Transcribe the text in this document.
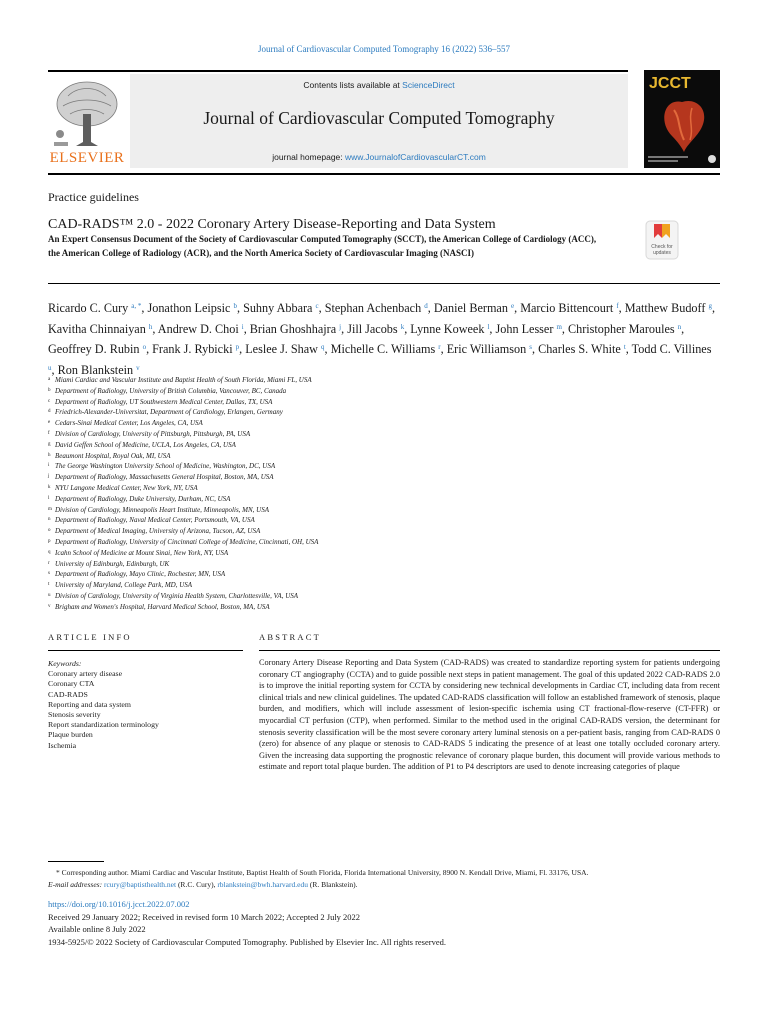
Journal of Cardiovascular Computed Tomography 16 (2022) 536–557
ELSEVIER
Contents lists available at ScienceDirect
Journal of Cardiovascular Computed Tomography
journal homepage: www.JournalofCardiovascularCT.com
JCCT
Practice guidelines
CAD-RADS™ 2.0 - 2022 Coronary Artery Disease-Reporting and Data System
An Expert Consensus Document of the Society of Cardiovascular Computed Tomography (SCCT), the American College of Cardiology (ACC), the American College of Radiology (ACR), and the North America Society of Cardiovascular Imaging (NASCI)
Check for
updates
Ricardo C. Cury $^{a, *}$, Jonathon Leipsic $^b$, Suhny Abbara $^c$, Stephan Achenbach $^d$, Daniel Berman $^e$, Marcio Bittencourt $^f$, Matthew Budoff $^g$, Kavitha Chinnaiyan $^h$, Andrew D. Choi $^i$, Brian Ghoshhajra $^j$, Jill Jacobs $^k$, Lynne Koweek $^l$, John Lesser $^m$, Christopher Maroules $^n$, Geoffrey D. Rubin $^o$, Frank J. Rybicki $^p$, Leslee J. Shaw $^q$, Michelle C. Williams $^r$, Eric Williamson $^s$, Charles S. White $^t$, Todd C. Villines $^u$, Ron Blankstein $^v$
a Miami Cardiac and Vascular Institute and Baptist Health of South Florida, Miami FL, USA
b Department of Radiology, University of British Columbia, Vancouver, BC, Canada
c Department of Radiology, UT Southwestern Medical Center, Dallas, TX, USA
d Friedrich-Alexander-Universitat, Department of Cardiology, Erlangen, Germany
e Cedars-Sinai Medical Center, Los Angeles, CA, USA
f Division of Cardiology, University of Pittsburgh, Pittsburgh, PA, USA
g David Geffen School of Medicine, UCLA, Los Angeles, CA, USA
h Beaumont Hospital, Royal Oak, MI, USA
i The George Washington University School of Medicine, Washington, DC, USA
j Department of Radiology, Massachusetts General Hospital, Boston, MA, USA
k NYU Langone Medical Center, New York, NY, USA
l Department of Radiology, Duke University, Durham, NC, USA
m Division of Cardiology, Minneapolis Heart Institute, Minneapolis, MN, USA
n Department of Radiology, Naval Medical Center, Portsmouth, VA, USA
o Department of Medical Imaging, University of Arizona, Tucson, AZ, USA
p Department of Radiology, University of Cincinnati College of Medicine, Cincinnati, OH, USA
q Icahn School of Medicine at Mount Sinai, New York, NY, USA
r University of Edinburgh, Edinburgh, UK
s Department of Radiology, Mayo Clinic, Rochester, MN, USA
t University of Maryland, College Park, MD, USA
u Division of Cardiology, University of Virginia Health System, Charlottesville, VA, USA
v Brigham and Women's Hospital, Harvard Medical School, Boston, MA, USA
ARTICLE INFO	ABSTRACT
Keywords:
Coronary artery disease
Coronary CTA
CAD-RADS
Reporting and data system
Stenosis severity
Report standardization terminology
Plaque burden
Ischemia
Coronary Artery Disease Reporting and Data System (CAD-RADS) was created to standardize reporting system for patients undergoing coronary CT angiography (CCTA) and to guide possible next steps in patient management. The goal of this updated 2022 CAD-RADS 2.0 is to improve the initial reporting system for CCTA by considering new technical developments in Cardiac CT, including data from recent clinical trials and new clinical guidelines. The updated CAD-RADS classification will follow an established framework of stenosis, plaque burden, and modifiers, which will include assessment of lesion-specific ischemia using CT fractional-flow-reserve (CT-FFR) or myocardial CT perfusion (CTP), when performed. Similar to the method used in the original CAD-RADS version, the determinant for stenosis severity classification will be the most severe coronary artery luminal stenosis on a per-patient basis, ranging from CAD-RADS 0 (zero) for absence of any plaque or stenosis to CAD-RADS 5 indicating the presence of at least one totally occluded coronary artery. Given the increasing data supporting the prognostic relevance of coronary plaque burden, this document will provide various methods to estimate and report total plaque burden. The addition of P1 to P4 descriptors are used to denote increasing categories of plaque
* Corresponding author. Miami Cardiac and Vascular Institute, Baptist Health of South Florida, Florida International University, 8900 N. Kendall Drive, Miami, Fl. 33176, USA.
E-mail addresses: rcury@baptisthealth.net (R.C. Cury), rblankstein@bwh.harvard.edu (R. Blankstein).
https://doi.org/10.1016/j.jcct.2022.07.002
Received 29 January 2022; Received in revised form 10 March 2022; Accepted 2 July 2022
Available online 8 July 2022
1934-5925/© 2022 Society of Cardiovascular Computed Tomography. Published by Elsevier Inc. All rights reserved.
